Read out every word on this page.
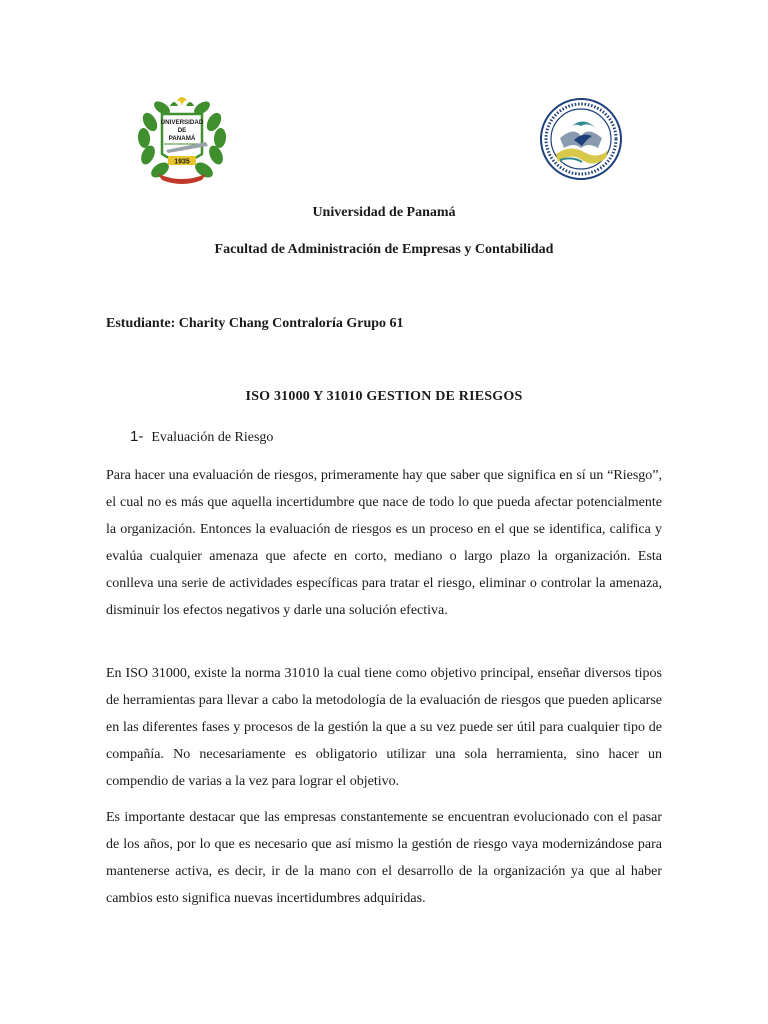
UNIVERSIDAD
DE
PANAMÁ
1935
Universidad de Panamá
Facultad de Administración de Empresas y Contabilidad
Estudiante: Charity Chang Contraloría Grupo 61
ISO 31000 Y 31010 GESTION DE RIESGOS
1- Evaluación de Riesgo

Para hacer una evaluación de riesgos, primeramente hay que saber que significa en sí un “Riesgo”, el cual no es más que aquella incertidumbre que nace de todo lo que pueda afectar potencialmente la organización. Entonces la evaluación de riesgos es un proceso en el que se identifica, califica y evalúa cualquier amenaza que afecte en corto, mediano o largo plazo la organización. Esta conlleva una serie de actividades específicas para tratar el riesgo, eliminar o controlar la amenaza, disminuir los efectos negativos y darle una solución efectiva.

En ISO 31000, existe la norma 31010 la cual tiene como objetivo principal, enseñar diversos tipos de herramientas para llevar a cabo la metodología de la evaluación de riesgos que pueden aplicarse en las diferentes fases y procesos de la gestión la que a su vez puede ser útil para cualquier tipo de compañía. No necesariamente es obligatorio utilizar una sola herramienta, sino hacer un compendio de varias a la vez para lograr el objetivo.

Es importante destacar que las empresas constantemente se encuentran evolucionado con el pasar de los años, por lo que es necesario que así mismo la gestión de riesgo vaya modernizándose para mantenerse activa, es decir, ir de la mano con el desarrollo de la organización ya que al haber cambios esto significa nuevas incertidumbres adquiridas.
